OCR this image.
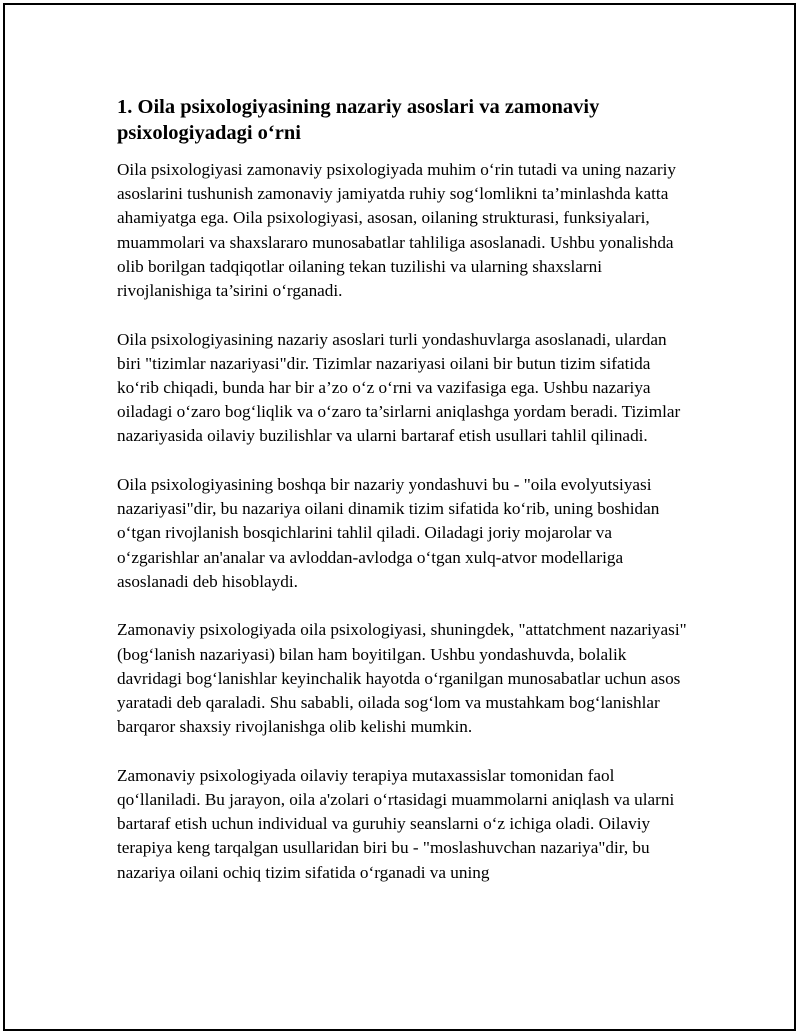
1. Oila psixologiyasining nazariy asoslari va zamonaviy psixologiyadagi o‘rni

Oila psixologiyasi zamonaviy psixologiyada muhim o‘rin tutadi va uning nazariy asoslarini tushunish zamonaviy jamiyatda ruhiy sog‘lomlikni ta’minlashda katta ahamiyatga ega. Oila psixologiyasi, asosan, oilaning strukturasi, funksiyalari, muammolari va shaxslararo munosabatlar tahliliga asoslanadi. Ushbu yonalishda olib borilgan tadqiqotlar oilaning tekan tuzilishi va ularning shaxslarni rivojlanishiga ta’sirini o‘rganadi.

Oila psixologiyasining nazariy asoslari turli yondashuvlarga asoslanadi, ulardan biri "tizimlar nazariyasi"dir. Tizimlar nazariyasi oilani bir butun tizim sifatida ko‘rib chiqadi, bunda har bir a’zo o‘z o‘rni va vazifasiga ega. Ushbu nazariya oiladagi o‘zaro bog‘liqlik va o‘zaro ta’sirlarni aniqlashga yordam beradi. Tizimlar nazariyasida oilaviy buzilishlar va ularni bartaraf etish usullari tahlil qilinadi.

Oila psixologiyasining boshqa bir nazariy yondashuvi bu - "oila evolyutsiyasi nazariyasi"dir, bu nazariya oilani dinamik tizim sifatida ko‘rib, uning boshidan o‘tgan rivojlanish bosqichlarini tahlil qiladi. Oiladagi joriy mojarolar va o‘zgarishlar an'analar va avloddan-avlodga o‘tgan xulq-atvor modellariga asoslanadi deb hisoblaydi.

Zamonaviy psixologiyada oila psixologiyasi, shuningdek, "attatchment nazariyasi" (bog‘lanish nazariyasi) bilan ham boyitilgan. Ushbu yondashuvda, bolalik davridagi bog‘lanishlar keyinchalik hayotda o‘rganilgan munosabatlar uchun asos yaratadi deb qaraladi. Shu sababli, oilada sog‘lom va mustahkam bog‘lanishlar barqaror shaxsiy rivojlanishga olib kelishi mumkin.

Zamonaviy psixologiyada oilaviy terapiya mutaxassislar tomonidan faol qo‘llaniladi. Bu jarayon, oila a'zolari o‘rtasidagi muammolarni aniqlash va ularni bartaraf etish uchun individual va guruhiy seanslarni o‘z ichiga oladi. Oilaviy terapiya keng tarqalgan usullaridan biri bu - "moslashuvchan nazariya"dir, bu nazariya oilani ochiq tizim sifatida o‘rganadi va uning
